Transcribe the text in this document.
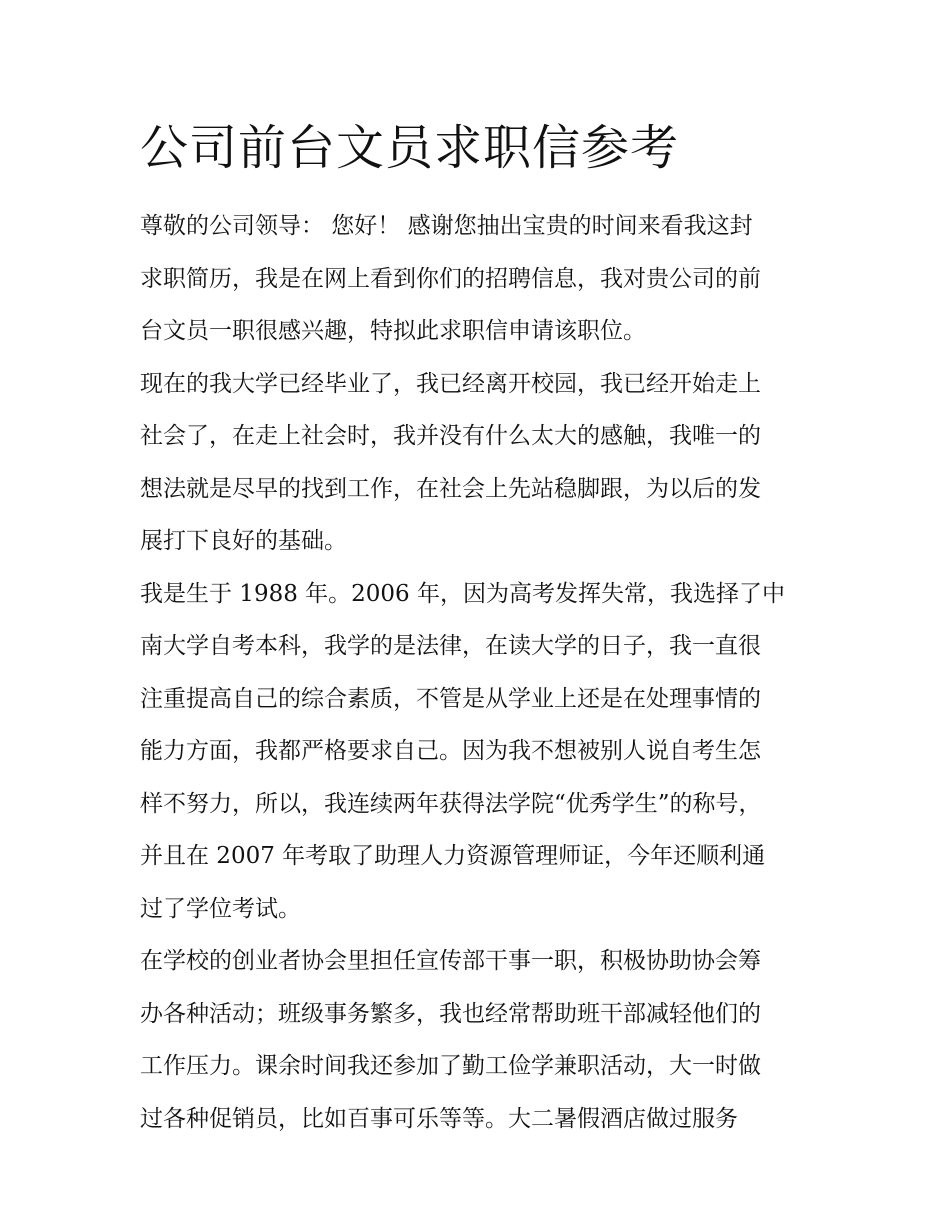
公司前台文员求职信参考
尊敬的公司领导： 您好！ 感谢您抽出宝贵的时间来看我这封
求职简历，我是在网上看到你们的招聘信息，我对贵公司的前
台文员一职很感兴趣，特拟此求职信申请该职位。
现在的我大学已经毕业了，我已经离开校园，我已经开始走上
社会了，在走上社会时，我并没有什么太大的感触，我唯一的
想法就是尽早的找到工作，在社会上先站稳脚跟，为以后的发
展打下良好的基础。
我是生于 1988 年。2006 年，因为高考发挥失常，我选择了中
南大学自考本科，我学的是法律，在读大学的日子，我一直很
注重提高自己的综合素质，不管是从学业上还是在处理事情的
能力方面，我都严格要求自己。因为我不想被别人说自考生怎
样不努力，所以，我连续两年获得法学院“优秀学生”的称号，
并且在 2007 年考取了助理人力资源管理师证，今年还顺利通
过了学位考试。
在学校的创业者协会里担任宣传部干事一职，积极协助协会筹
办各种活动；班级事务繁多，我也经常帮助班干部减轻他们的
工作压力。课余时间我还参加了勤工俭学兼职活动，大一时做
过各种促销员，比如百事可乐等等。大二暑假酒店做过服务
